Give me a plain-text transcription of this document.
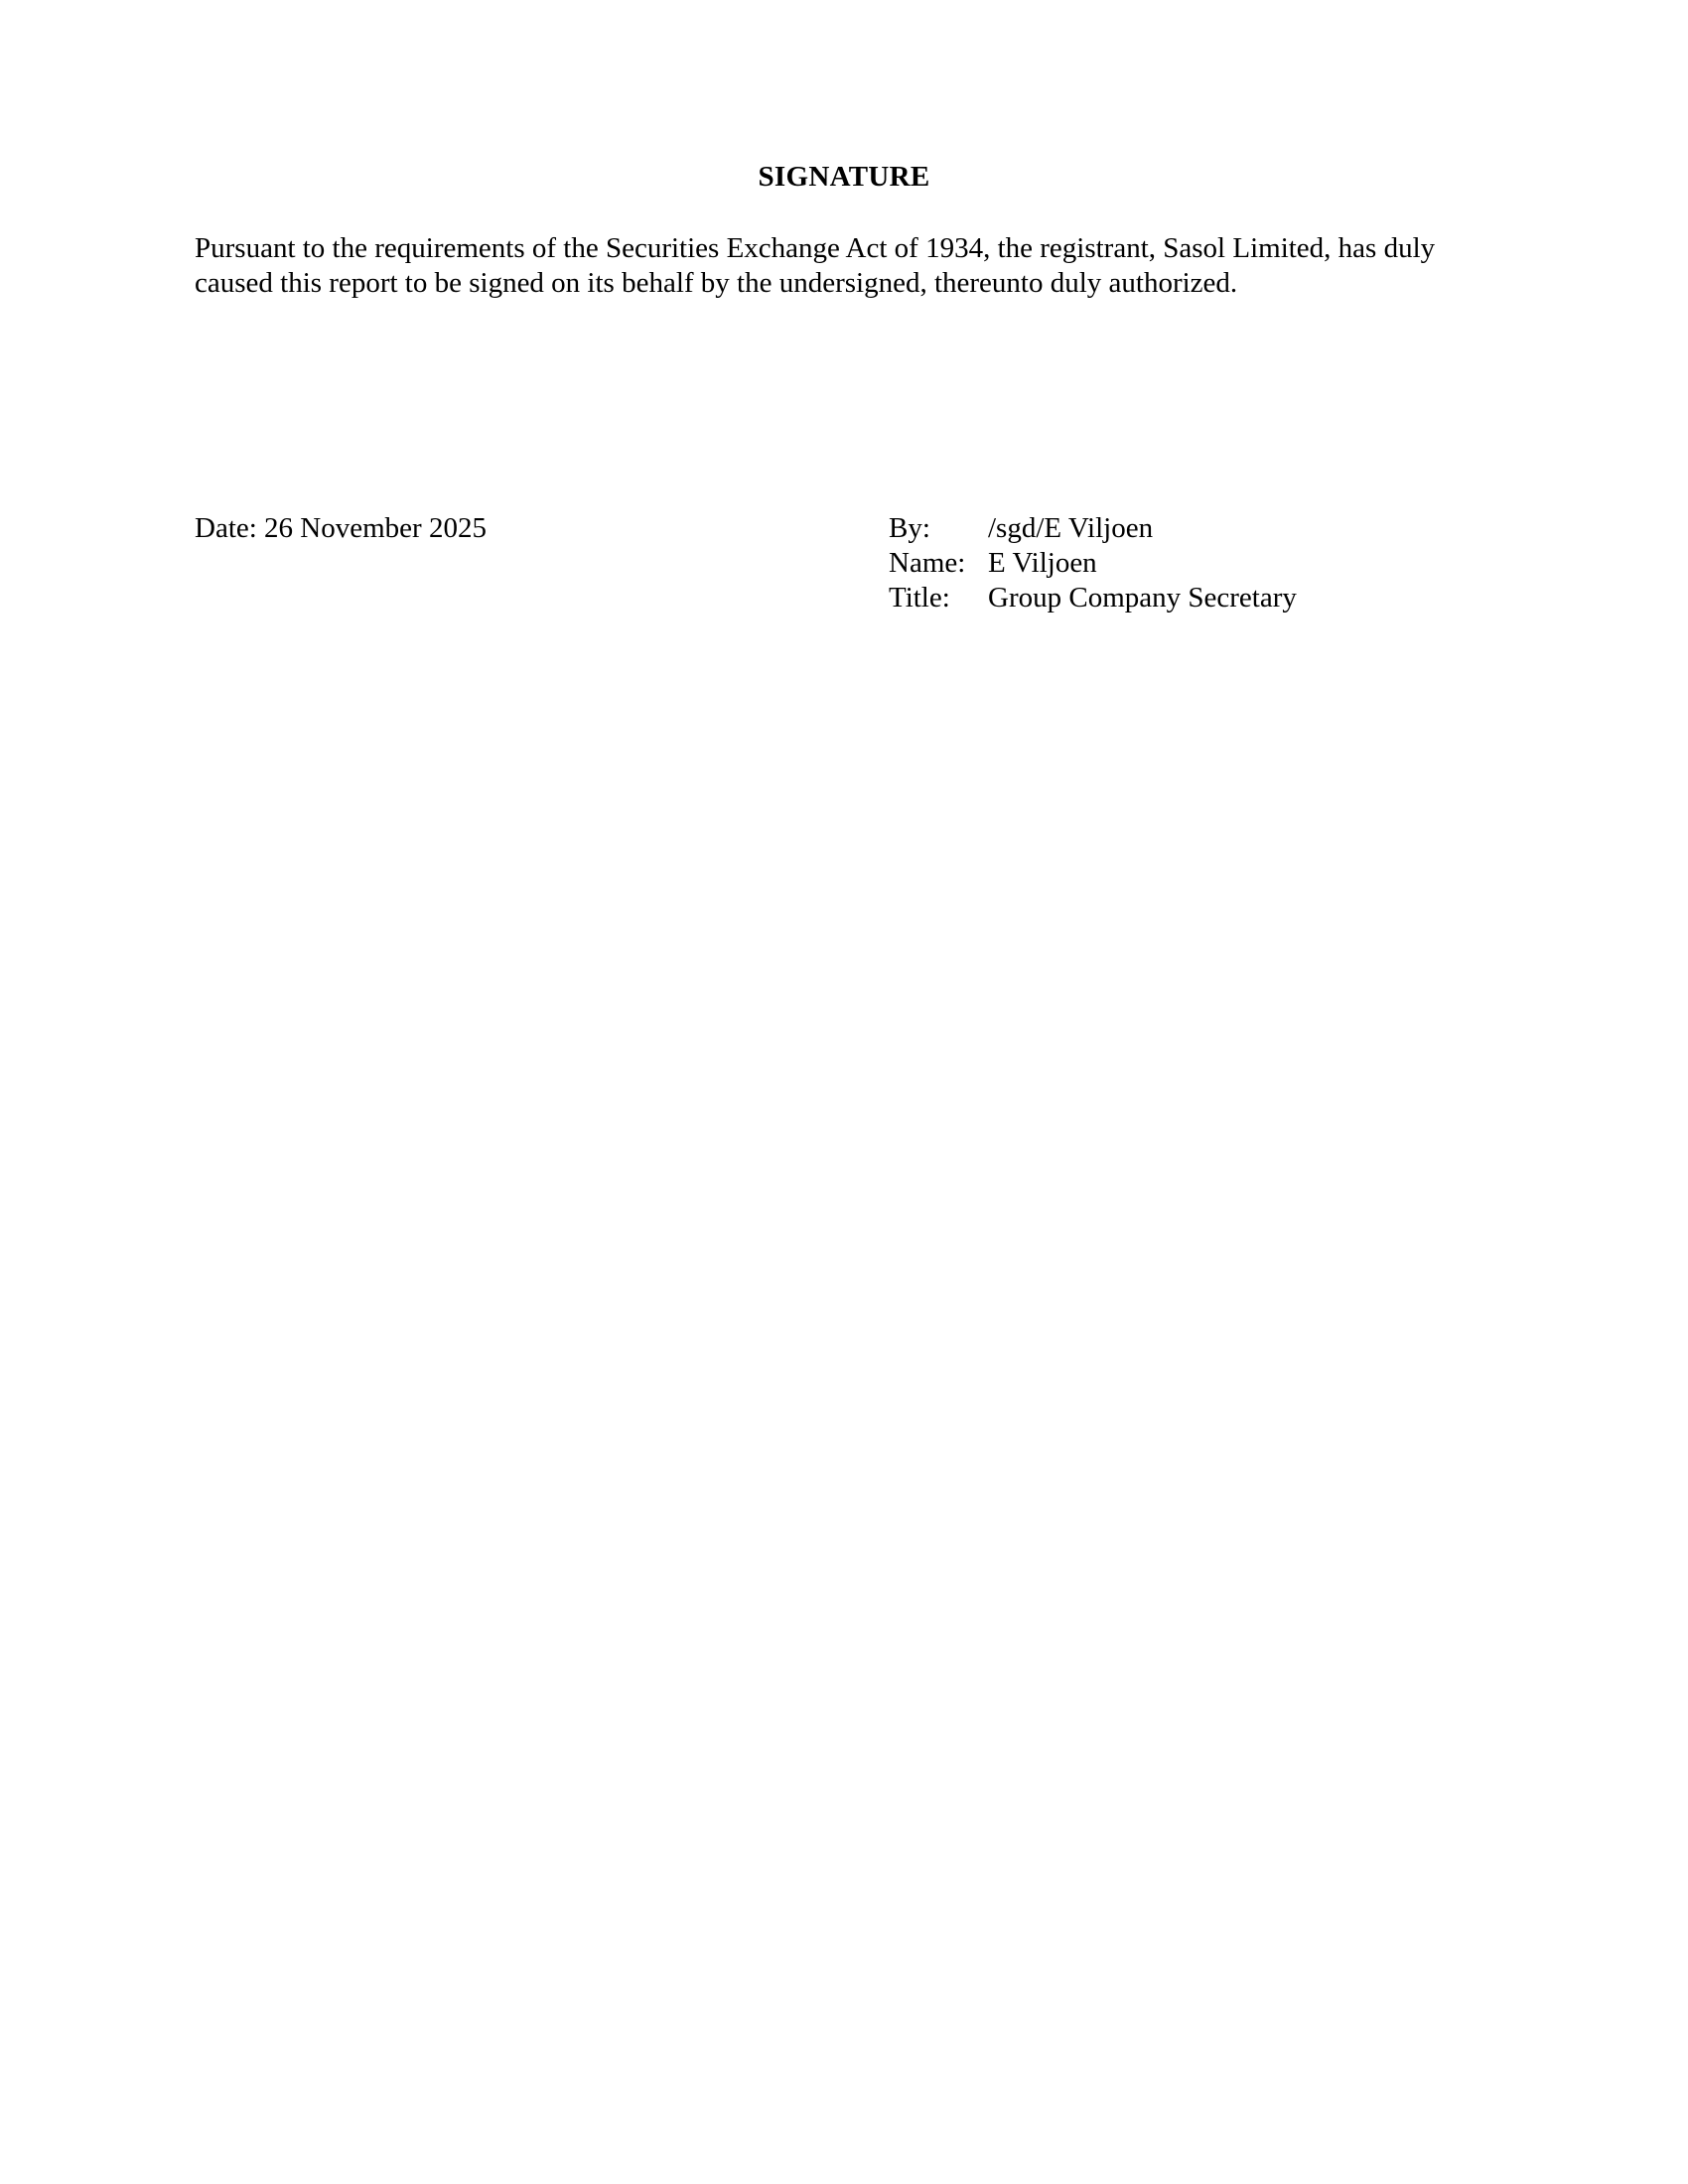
SIGNATURE

Pursuant to the requirements of the Securities Exchange Act of 1934, the registrant, Sasol Limited, has duly caused this report to be signed on its behalf by the undersigned, thereunto duly authorized.

Date: 26 November 2025	By:	/sgd/E Viljoen
Name: E Viljoen
Title:	Group Company Secretary
